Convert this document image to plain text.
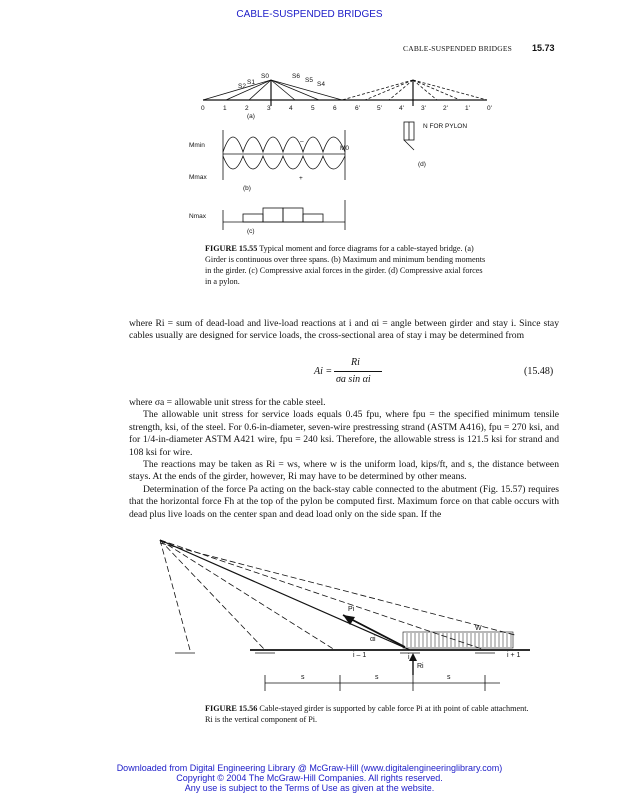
CABLE-SUSPENDED BRIDGES
CABLE-SUSPENDED BRIDGES 15.73
S2
S1
S0	S6
S5
S4
0	1	2	3	4	5	6	6'	5'	4'	3'	2'	1'	0'
(a)
(b)
(c)
(d)
N FOR PYLON
Mmin
Mmax
Nmax
M0
–
+
FIGURE 15.55 Typical moment and force diagrams for a cable-stayed bridge. (a) Girder is continuous over three spans. (b) Maximum and minimum bending moments in the girder. (c) Compressive axial forces in the girder. (d) Compressive axial forces in a pylon.

where Ri = sum of dead-load and live-load reactions at i and αi = angle between girder and stay i. Since stay cables usually are designed for service loads, the cross-sectional area of stay i may be determined from

Ai =
Ri
σa sin αi
(15.48)

where σa = allowable unit stress for the cable steel.

The allowable unit stress for service loads equals 0.45 fpu, where fpu = the specified minimum tensile strength, ksi, of the steel. For 0.6-in-diameter, seven-wire prestressing strand (ASTM A416), fpu = 270 ksi, and for 1/4-in-diameter ASTM A421 wire, fpu = 240 ksi. Therefore, the allowable stress is 121.5 ksi for strand and 108 ksi for wire.

The reactions may be taken as Ri = ws, where w is the uniform load, kips/ft, and s, the distance between stays. At the ends of the girder, however, Ri may have to be determined by other means.

Determination of the force Pa acting on the back-stay cable connected to the abutment (Fig. 15.57) requires that the horizontal force Fh at the top of the pylon be computed first. Maximum force on that cable occurs with dead plus live loads on the center span and dead load only on the side span. If the

Pi
W
αi
i – 1	i	i + 1
Ri
s	s	s
FIGURE 15.56 Cable-stayed girder is supported by cable force Pi at ith point of cable attachment. Ri is the vertical component of Pi.
Downloaded from Digital Engineering Library @ McGraw-Hill (www.digitalengineeringlibrary.com)
Copyright © 2004 The McGraw-Hill Companies. All rights reserved.
Any use is subject to the Terms of Use as given at the website.
